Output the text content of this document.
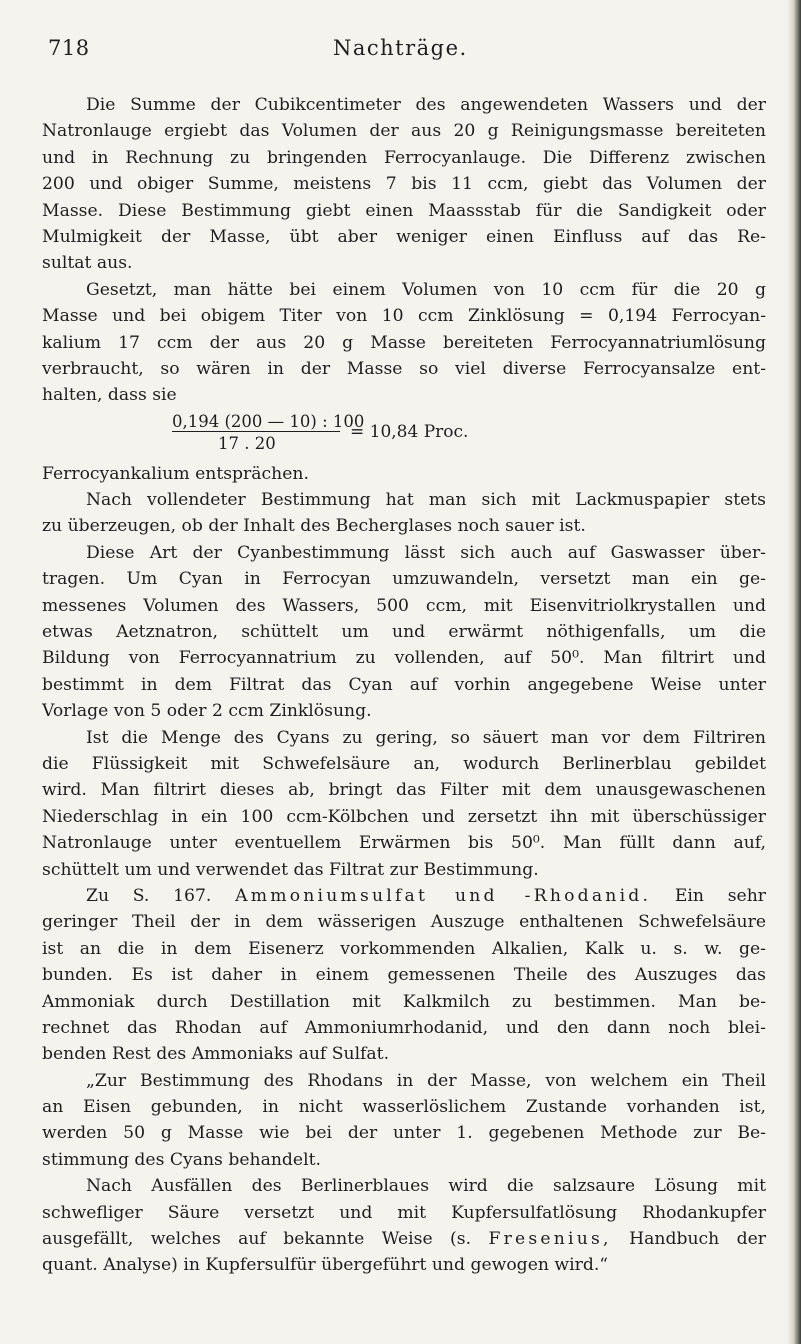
718	Nachträge.
Die Summe der Cubikcentimeter des angewendeten Wassers und der
Natronlauge ergiebt das Volumen der aus 20 g Reinigungsmasse bereiteten
und in Rechnung zu bringenden Ferrocyanlauge. Die Differenz zwischen
200 und obiger Summe, meistens 7 bis 11 ccm, giebt das Volumen der
Masse. Diese Bestimmung giebt einen Maassstab für die Sandigkeit oder
Mulmigkeit der Masse, übt aber weniger einen Einfluss auf das Re-
sultat aus.
Gesetzt, man hätte bei einem Volumen von 10 ccm für die 20 g
Masse und bei obigem Titer von 10 ccm Zinklösung = 0,194 Ferrocyan-
kalium 17 ccm der aus 20 g Masse bereiteten Ferrocyannatriumlösung
verbraucht, so wären in der Masse so viel diverse Ferrocyansalze ent-
halten, dass sie
0,194 (200 — 10) : 100
17 . 20
= 10,84 Proc.
Ferrocyankalium entsprächen.
Nach vollendeter Bestimmung hat man sich mit Lackmuspapier stets
zu überzeugen, ob der Inhalt des Becherglases noch sauer ist.
Diese Art der Cyanbestimmung lässt sich auch auf Gaswasser über-
tragen. Um Cyan in Ferrocyan umzuwandeln, versetzt man ein ge-
messenes Volumen des Wassers, 500 ccm, mit Eisenvitriolkrystallen und
etwas Aetznatron, schüttelt um und erwärmt nöthigenfalls, um die
Bildung von Ferrocyannatrium zu vollenden, auf 50⁰. Man filtrirt und
bestimmt in dem Filtrat das Cyan auf vorhin angegebene Weise unter
Vorlage von 5 oder 2 ccm Zinklösung.
Ist die Menge des Cyans zu gering, so säuert man vor dem Filtriren
die Flüssigkeit mit Schwefelsäure an, wodurch Berlinerblau gebildet
wird. Man filtrirt dieses ab, bringt das Filter mit dem unausgewaschenen
Niederschlag in ein 100 ccm-Kölbchen und zersetzt ihn mit überschüssiger
Natronlauge unter eventuellem Erwärmen bis 50⁰. Man füllt dann auf,
schüttelt um und verwendet das Filtrat zur Bestimmung.
Zu S. 167. Ammoniumsulfat und -Rhodanid. Ein sehr
geringer Theil der in dem wässerigen Auszuge enthaltenen Schwefelsäure
ist an die in dem Eisenerz vorkommenden Alkalien, Kalk u. s. w. ge-
bunden. Es ist daher in einem gemessenen Theile des Auszuges das
Ammoniak durch Destillation mit Kalkmilch zu bestimmen. Man be-
rechnet das Rhodan auf Ammoniumrhodanid, und den dann noch blei-
benden Rest des Ammoniaks auf Sulfat.
„Zur Bestimmung des Rhodans in der Masse, von welchem ein Theil
an Eisen gebunden, in nicht wasserlöslichem Zustande vorhanden ist,
werden 50 g Masse wie bei der unter 1. gegebenen Methode zur Be-
stimmung des Cyans behandelt.
Nach Ausfällen des Berlinerblaues wird die salzsaure Lösung mit
schwefliger Säure versetzt und mit Kupfersulfatlösung Rhodankupfer
ausgefällt, welches auf bekannte Weise (s. Fresenius, Handbuch der
quant. Analyse) in Kupfersulfür übergeführt und gewogen wird.“
